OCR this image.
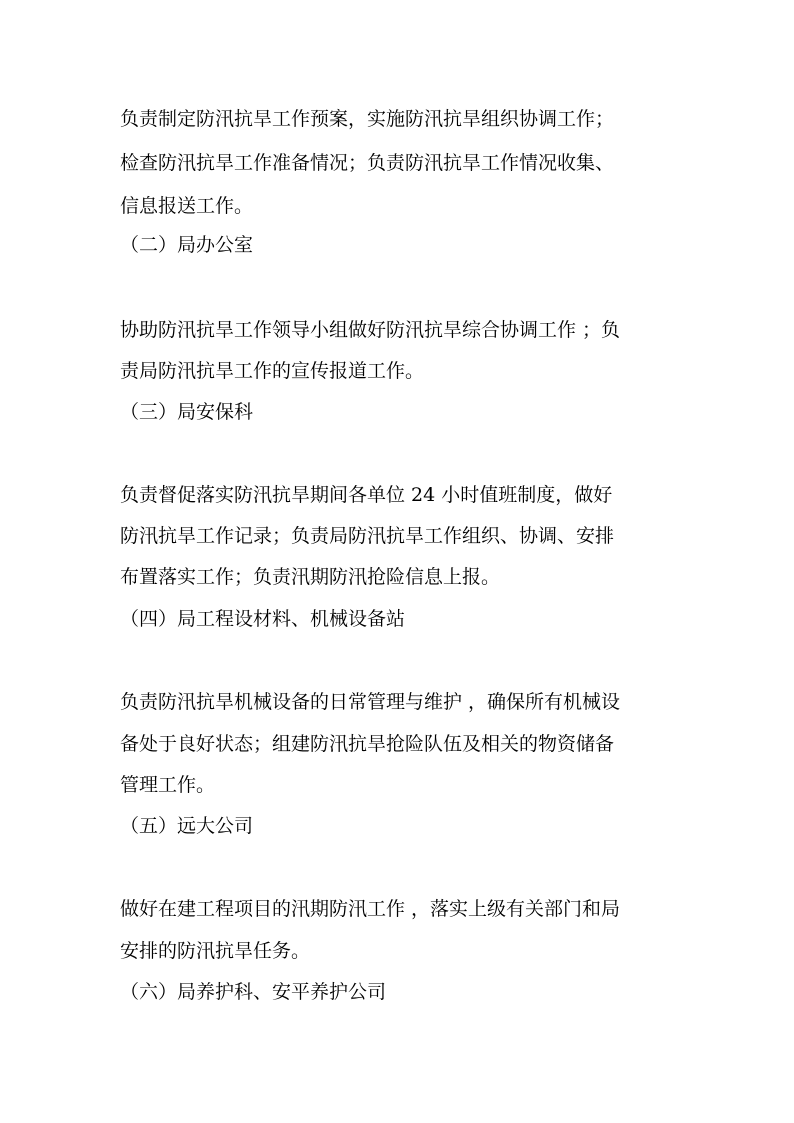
负责制定防汛抗旱工作预案，实施防汛抗旱组织协调工作；
检查防汛抗旱工作准备情况；负责防汛抗旱工作情况收集、
信息报送工作。
（二）局办公室
协助防汛抗旱工作领导小组做好防汛抗旱综合协调工作 ；负
责局防汛抗旱工作的宣传报道工作。
（三）局安保科
负责督促落实防汛抗旱期间各单位 24 小时值班制度，做好
防汛抗旱工作记录；负责局防汛抗旱工作组织、协调、安排
布置落实工作；负责汛期防汛抢险信息上报。
（四）局工程设材料、机械设备站
负责防汛抗旱机械设备的日常管理与维护 ，确保所有机械设
备处于良好状态；组建防汛抗旱抢险队伍及相关的物资储备
管理工作。
（五）远大公司
做好在建工程项目的汛期防汛工作 ，落实上级有关部门和局
安排的防汛抗旱任务。
（六）局养护科、安平养护公司
